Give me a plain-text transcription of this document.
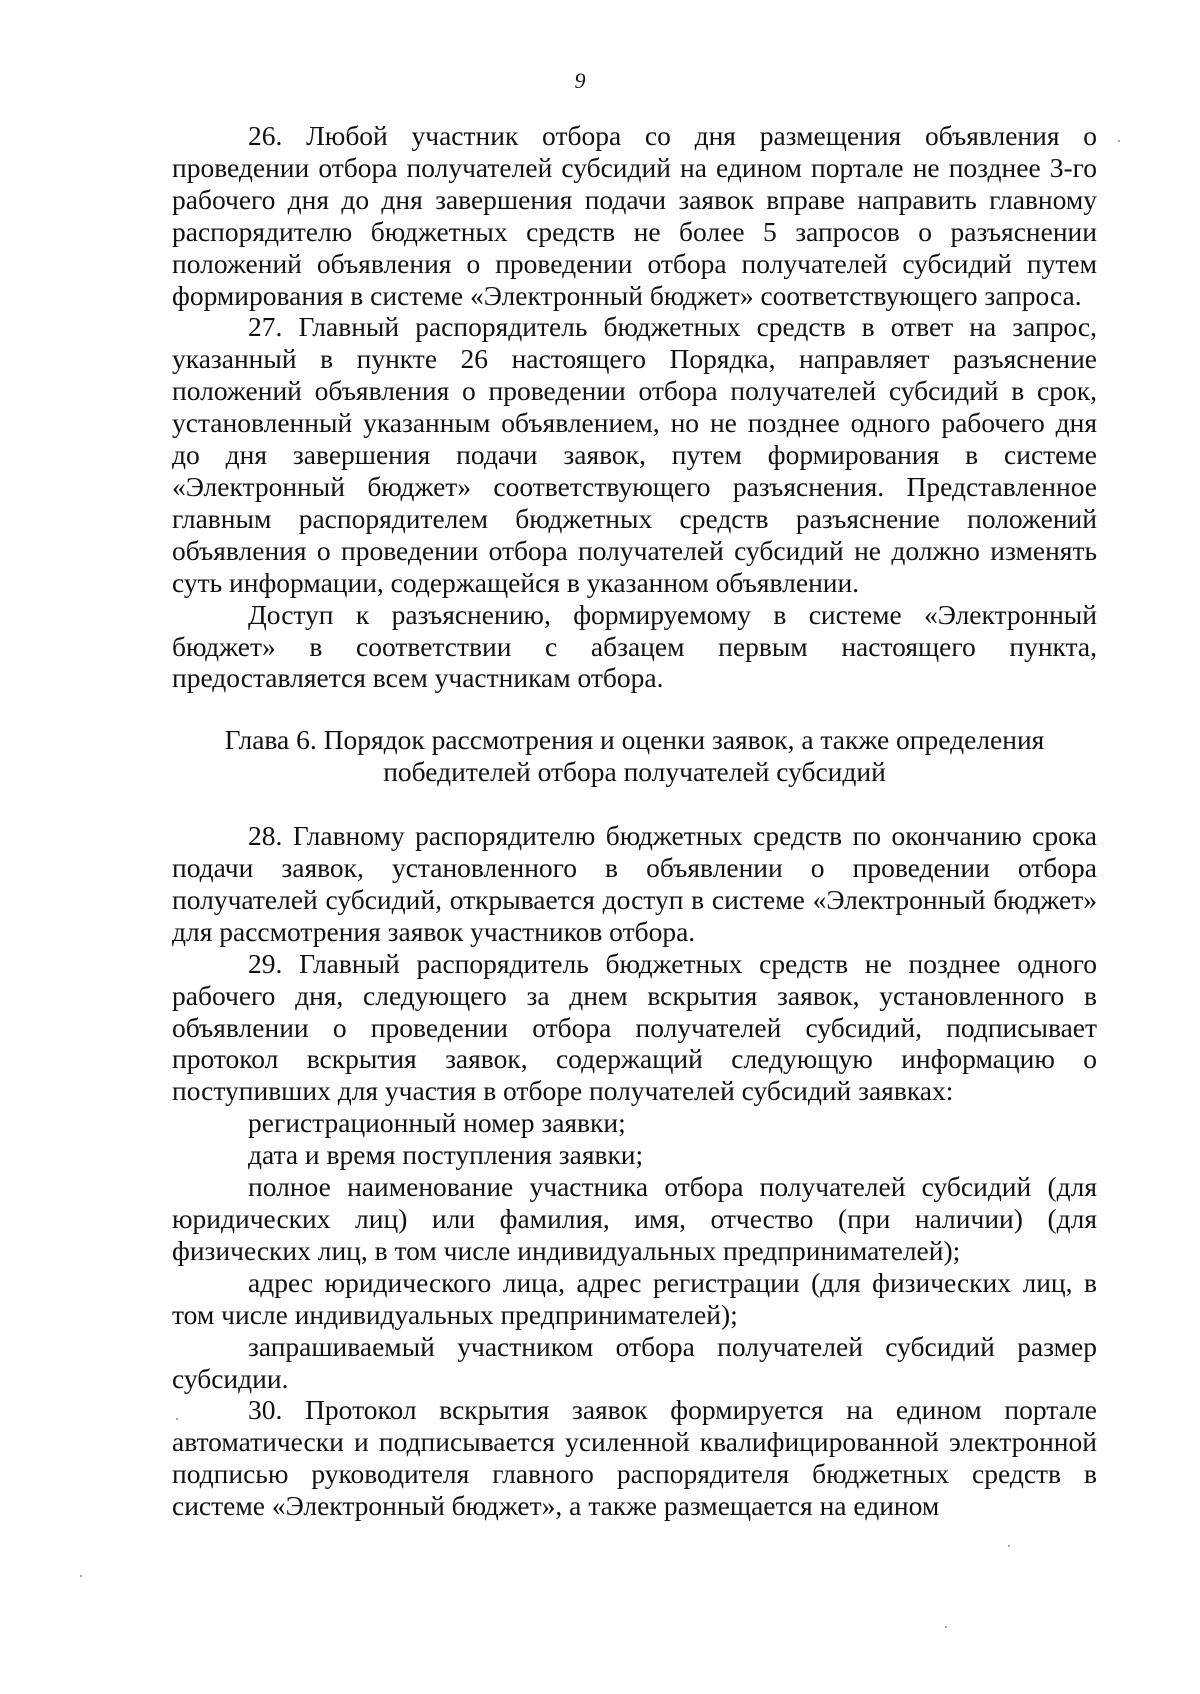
9

26. Любой участник отбора со дня размещения объявления о проведении отбора получателей субсидий на едином портале не позднее 3-го рабочего дня до дня завершения подачи заявок вправе направить главному распорядителю бюджетных средств не более 5 запросов о разъяснении положений объявления о проведении отбора получателей субсидий путем формирования в системе «Электронный бюджет» соответствующего запроса.

27. Главный распорядитель бюджетных средств в ответ на запрос, указанный в пункте 26 настоящего Порядка, направляет разъяснение положений объявления о проведении отбора получателей субсидий в срок, установленный указанным объявлением, но не позднее одного рабочего дня до дня завершения подачи заявок, путем формирования в системе «Электронный бюджет» соответствующего разъяснения. Представленное главным распорядителем бюджетных средств разъяснение положений объявления о проведении отбора получателей субсидий не должно изменять суть информации, содержащейся в указанном объявлении.

Доступ к разъяснению, формируемому в системе «Электронный бюджет» в соответствии с абзацем первым настоящего пункта, предоставляется всем участникам отбора.

Глава 6. Порядок рассмотрения и оценки заявок, а также определения
победителей отбора получателей субсидий

28. Главному распорядителю бюджетных средств по окончанию срока подачи заявок, установленного в объявлении о проведении отбора получателей субсидий, открывается доступ в системе «Электронный бюджет» для рассмотрения заявок участников отбора.

29. Главный распорядитель бюджетных средств не позднее одного рабочего дня, следующего за днем вскрытия заявок, установленного в объявлении о проведении отбора получателей субсидий, подписывает протокол вскрытия заявок, содержащий следующую информацию о поступивших для участия в отборе получателей субсидий заявках:

регистрационный номер заявки;

дата и время поступления заявки;

полное наименование участника отбора получателей субсидий (для юридических лиц) или фамилия, имя, отчество (при наличии) (для физических лиц, в том числе индивидуальных предпринимателей);

адрес юридического лица, адрес регистрации (для физических лиц, в том числе индивидуальных предпринимателей);

запрашиваемый участником отбора получателей субсидий размер субсидии.

30. Протокол вскрытия заявок формируется на едином портале автоматически и подписывается усиленной квалифицированной электронной подписью руководителя главного распорядителя бюджетных средств в системе «Электронный бюджет», а также размещается на едином
